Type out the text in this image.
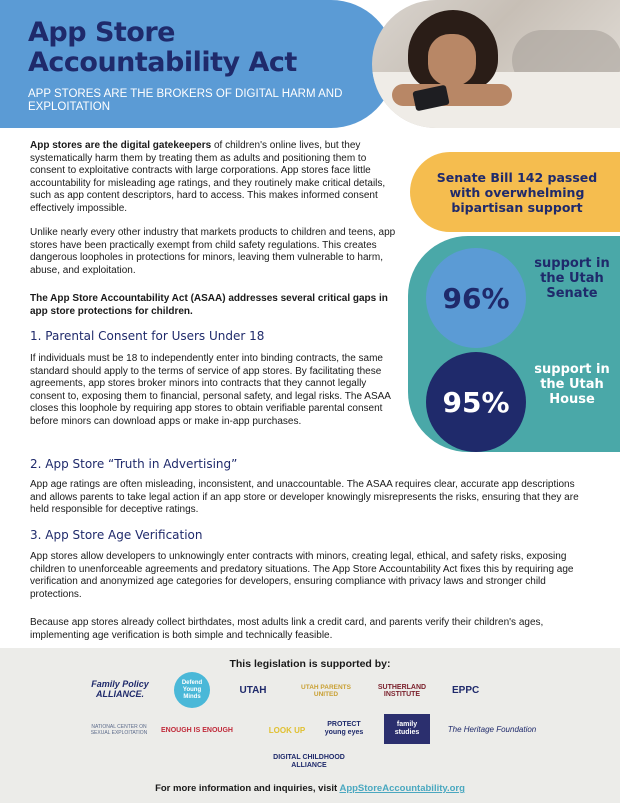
App Store Accountability Act
APP STORES ARE THE BROKERS OF DIGITAL HARM AND EXPLOITATION
App stores are the digital gatekeepers of children's online lives, but they systematically harm them by treating them as adults and positioning them to consent to exploitative contracts with large corporations. App stores face little accountability for misleading age ratings, and they routinely make critical details, such as app content descriptors, hard to access. This makes informed consent effectively impossible.
Unlike nearly every other industry that markets products to children and teens, app stores have been practically exempt from child safety regulations. This creates dangerous loopholes in protections for minors, leaving them vulnerable to harm, abuse, and exploitation.
The App Store Accountability Act (ASAA) addresses several critical gaps in app store protections for children.
Senate Bill 142 passed with overwhelming bipartisan support
96%
support in the Utah Senate
95%
support in the Utah House
1. Parental Consent for Users Under 18
If individuals must be 18 to independently enter into binding contracts, the same standard should apply to the terms of service of app stores. By facilitating these agreements, app stores broker minors into contracts that they cannot legally consent to, exposing them to financial, personal safety, and legal risks. The ASAA closes this loophole by requiring app stores to obtain verifiable parental consent before minors can download apps or make in-app purchases.
2. App Store “Truth in Advertising”
App age ratings are often misleading, inconsistent, and unaccountable. The ASAA requires clear, accurate app descriptions and allows parents to take legal action if an app store or developer knowingly misrepresents the risks, ensuring that they are held responsible for deceptive ratings.
3. App Store Age Verification
App stores allow developers to unknowingly enter contracts with minors, creating legal, ethical, and safety risks, exposing children to unenforceable agreements and predatory situations. The App Store Accountability Act fixes this by requiring age verification and anonymized age categories for developers, ensuring compliance with privacy laws and stronger child protections.
Because app stores already collect birthdates, most adults link a credit card, and parents verify their children's ages, implementing age verification is both simple and technically feasible.
This legislation is supported by:
Family Policy ALLIANCE.
Defend Young Minds
UTAH	UTAH PARENTS UNITED
SUTHERLAND INSTITUTE	EPPC
NATIONAL CENTER ON SEXUAL EXPLOITATION	ENOUGH IS ENOUGH	LOOK UP
PROTECT young eyes
family studies	The Heritage Foundation
DIGITAL CHILDHOOD ALLIANCE
For more information and inquiries, visit AppStoreAccountability.org
